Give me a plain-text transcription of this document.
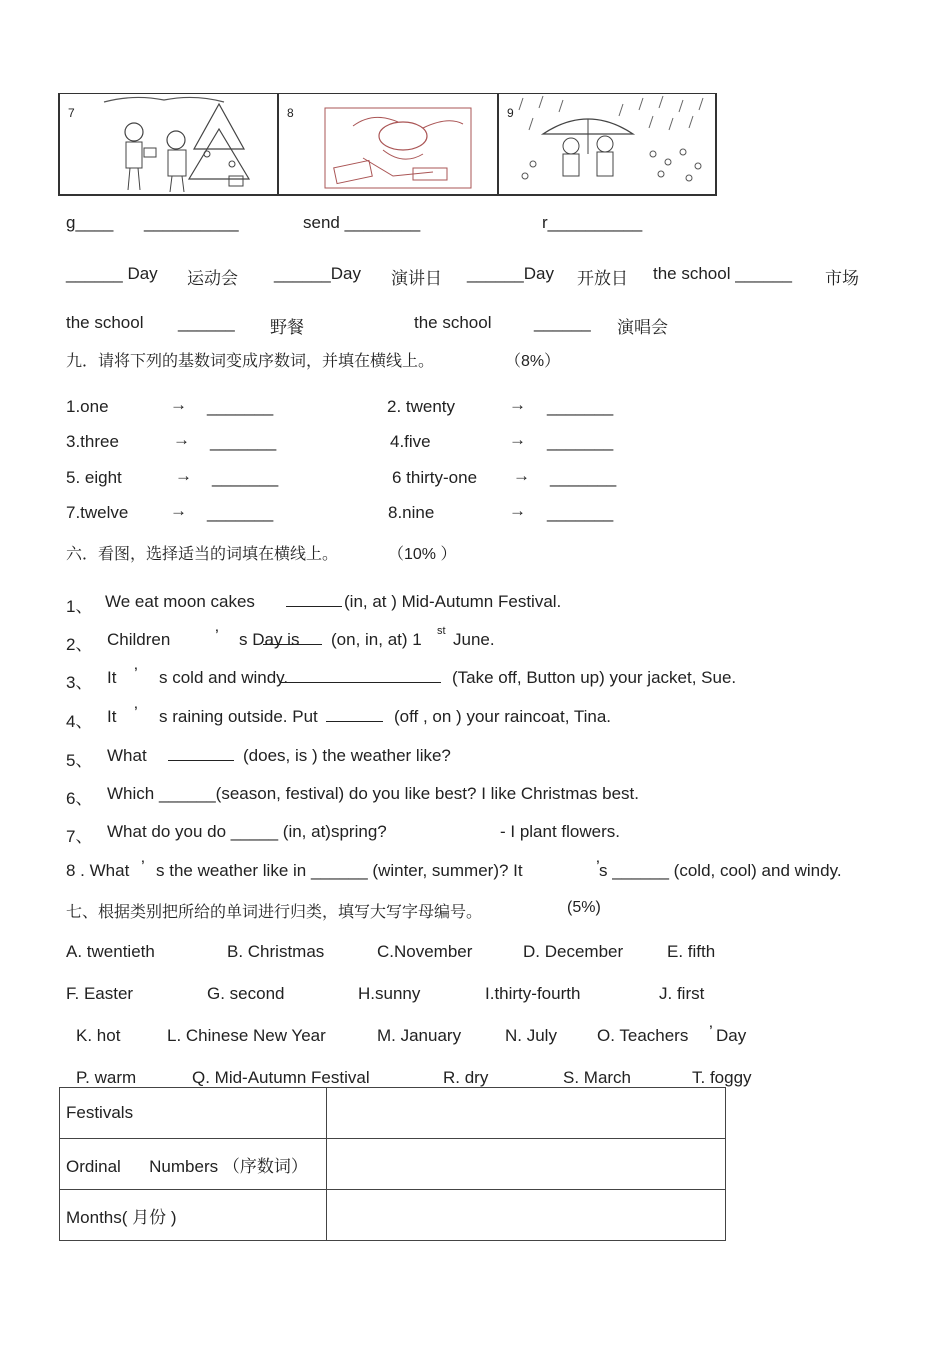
7	8	9
g____ __________	send ________	r__________
______ Day 运动会 ______Day 演讲日 ______Day 开放日 the school ______ 市场
the school ______ 野餐	the school	______ 演唱会
九．请将下列的基数词变成序数词，并填在横线上。	（8%）
1.one	→ _______	2. twenty	→ _______
3.three	→ _______	4.five	→ _______
5. eight	→ _______	6 thirty-one → _______
7.twelve → _______	8.nine	→ _______
六．看图，选择适当的词填在横线上。	（10% ）
1、 We eat moon cakes	(in, at ) Mid-Autumn Festival.
2、 Children	’ s Day is (on, in, at) 1 st June.
3、 It ’ s cold and windy.	(Take off, Button up) your jacket, Sue.
4、 It ’ s raining outside. Put	(off , on ) your raincoat, Tina.
5、 What	(does, is ) the weather like?
6、 Which ______(season, festival) do you like best? I like Christmas best.
7、 What do you do _____ (in, at)spring?	- I plant flowers.
8 . What ’ s the weather like in ______ (winter, summer)? It	’ s ______ (cold, cool) and windy.
七、根据类别把所给的单词进行归类，填写大写字母编号。	(5%)
A. twentieth	B. Christmas	C.November	D. December	E. fifth
F. Easter	G. second	H.sunny	I.thirty-fourth	J. first
K. hot	L. Chinese New Year	M. January	N. July O. Teachers ’ Day
P. warm	Q. Mid-Autumn Festival	R. dry	S. March	T. foggy
Festivals	
Ordinal Numbers （序数词）	
Months( 月份 )	
